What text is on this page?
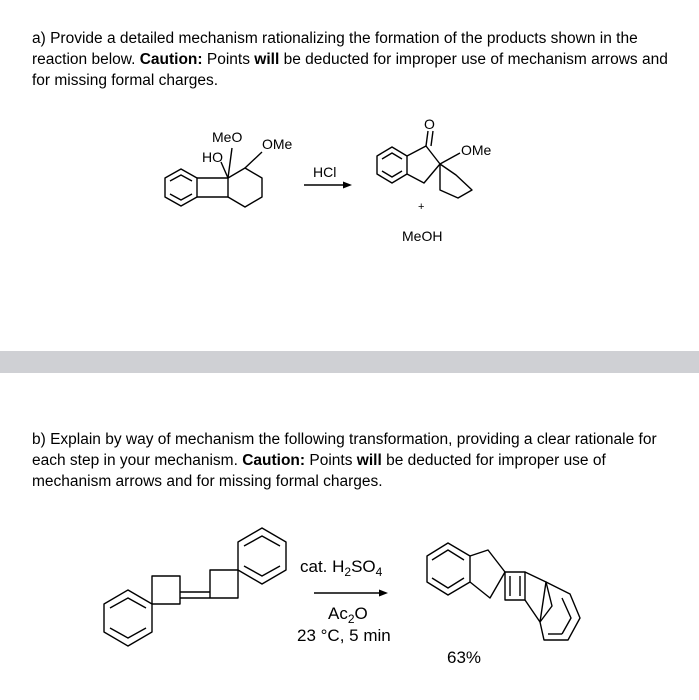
a) Provide a detailed mechanism rationalizing the formation of the products shown in the reaction below. Caution: Points will be deducted for improper use of mechanism arrows and for missing formal charges.
b) Explain by way of mechanism the following transformation, providing a clear rationale for each step in your mechanism. Caution: Points will be deducted for improper use of mechanism arrows and for missing formal charges.
MeO
HO
OMe
HCl
O
OMe
+
MeOH
cat. $H_2SO_4$
$Ac_2O$
23 °C, 5 min
63%
